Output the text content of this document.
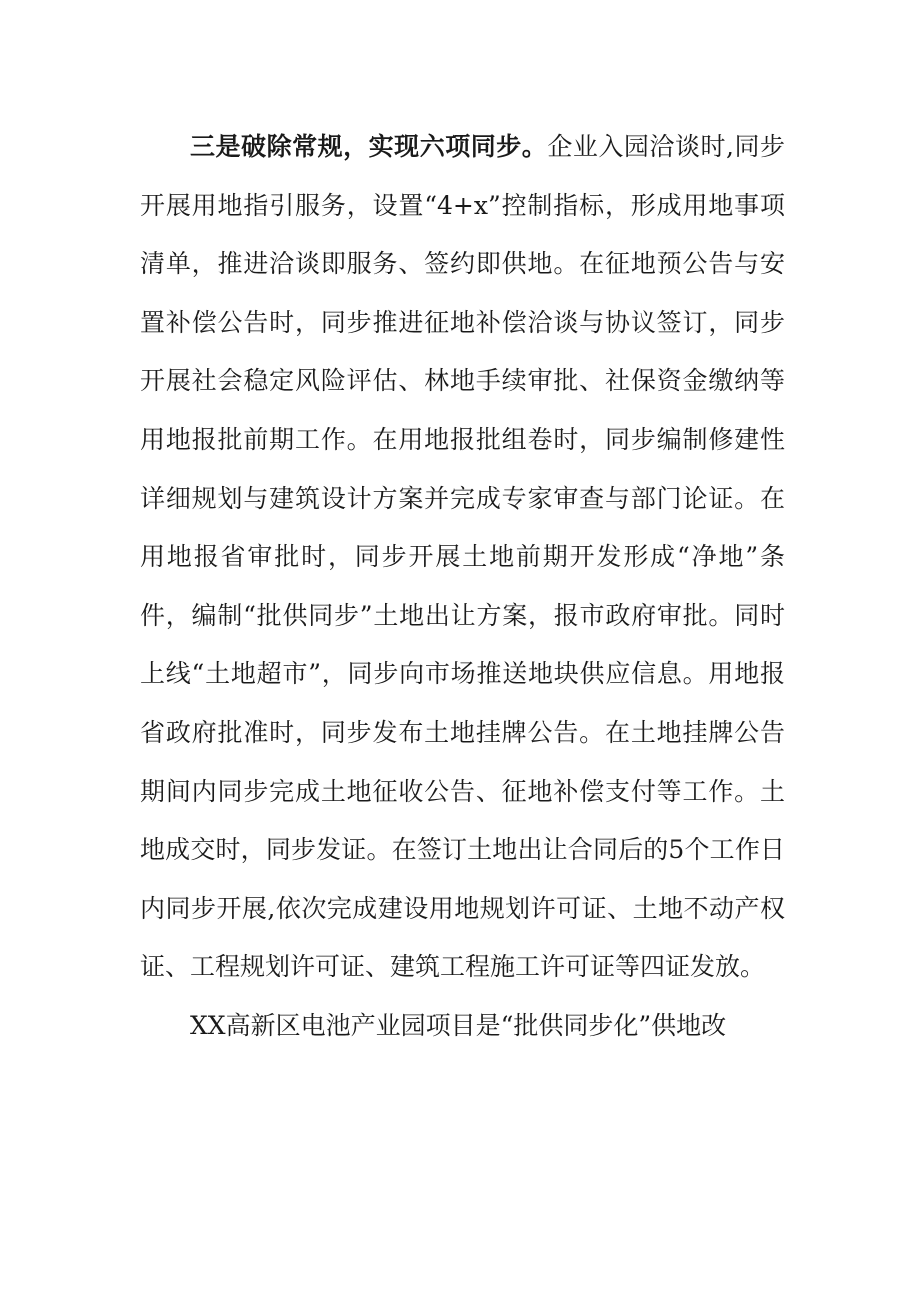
三是破除常规，实现六项同步。企业入园洽谈时,同步开展用地指引服务，设置“4+x”控制指标，形成用地事项清单，推进洽谈即服务、签约即供地。在征地预公告与安置补偿公告时，同步推进征地补偿洽谈与协议签订，同步开展社会稳定风险评估、林地手续审批、社保资金缴纳等用地报批前期工作。在用地报批组卷时，同步编制修建性详细规划与建筑设计方案并完成专家审查与部门论证。在用地报省审批时，同步开展土地前期开发形成“净地”条件，编制“批供同步”土地出让方案，报市政府审批。同时上线“土地超市”，同步向市场推送地块供应信息。用地报省政府批准时，同步发布土地挂牌公告。在土地挂牌公告期间内同步完成土地征收公告、征地补偿支付等工作。土地成交时，同步发证。在签订土地出让合同后的5个工作日内同步开展,依次完成建设用地规划许可证、土地不动产权证、工程规划许可证、建筑工程施工许可证等四证发放。

XX高新区电池产业园项目是“批供同步化”供地改
